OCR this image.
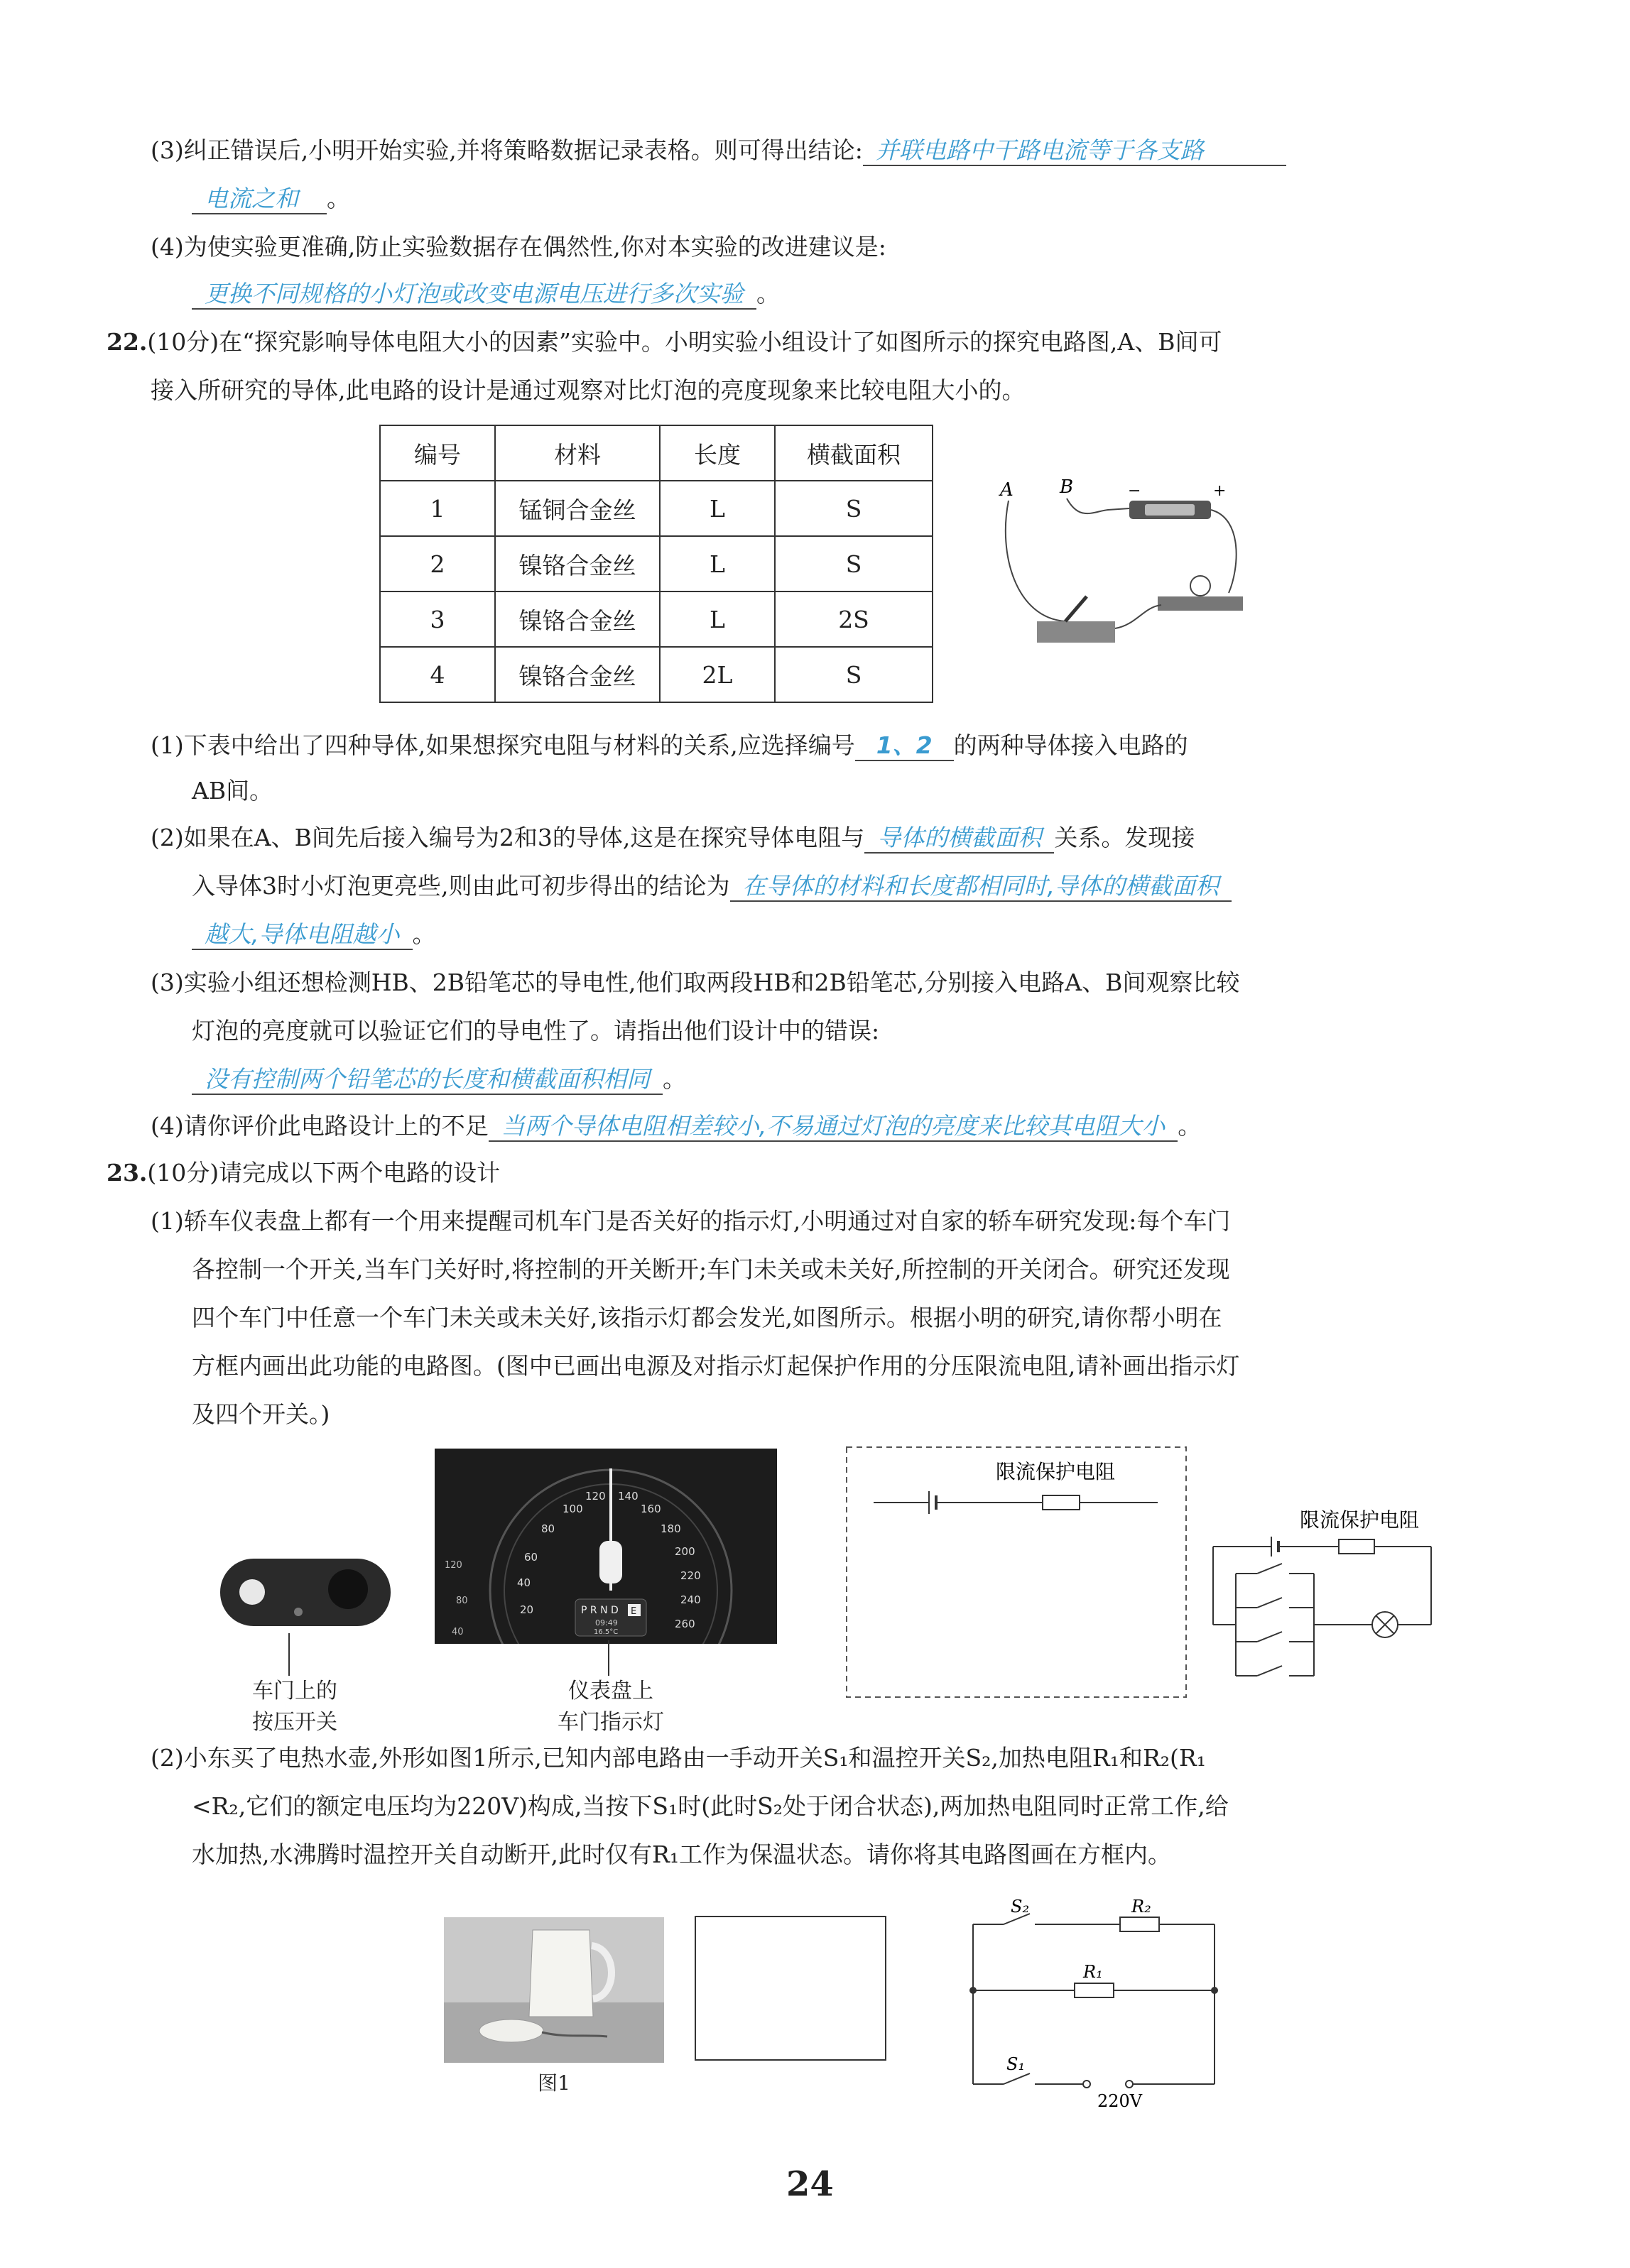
(3)纠正错误后,小明开始实验,并将策略数据记录表格。则可得出结论: 并联电路中干路电流等于各支路
电流之和 。
(4)为使实验更准确,防止实验数据存在偶然性,你对本实验的改进建议是:
更换不同规格的小灯泡或改变电源电压进行多次实验 。
22.(10分)在“探究影响导体电阻大小的因素”实验中。小明实验小组设计了如图所示的探究电路图,A、B间可
接入所研究的导体,此电路的设计是通过观察对比灯泡的亮度现象来比较电阻大小的。
编号	材料	长度	横截面积
1	锰铜合金丝	L	S
2	镍铬合金丝	L	S
3	镍铬合金丝	L	2S
4	镍铬合金丝	2L	S
A	B	−	+
(1)下表中给出了四种导体,如果想探究电阻与材料的关系,应选择编号 1、2 的两种导体接入电路的
AB间。
(2)如果在A、B间先后接入编号为2和3的导体,这是在探究导体电阻与 导体的横截面积 关系。发现接
入导体3时小灯泡更亮些,则由此可初步得出的结论为 在导体的材料和长度都相同时,导体的横截面积
越大,导体电阻越小 。
(3)实验小组还想检测HB、2B铅笔芯的导电性,他们取两段HB和2B铅笔芯,分别接入电路A、B间观察比较
灯泡的亮度就可以验证它们的导电性了。请指出他们设计中的错误:
没有控制两个铅笔芯的长度和横截面积相同 。
(4)请你评价此电路设计上的不足 当两个导体电阻相差较小,不易通过灯泡的亮度来比较其电阻大小 。
23.(10分)请完成以下两个电路的设计
(1)轿车仪表盘上都有一个用来提醒司机车门是否关好的指示灯,小明通过对自家的轿车研究发现:每个车门
各控制一个开关,当车门关好时,将控制的开关断开;车门未关或未关好,所控制的开关闭合。研究还发现
四个车门中任意一个车门未关或未关好,该指示灯都会发光,如图所示。根据小明的研究,请你帮小明在
方框内画出此功能的电路图。(图中已画出电源及对指示灯起保护作用的分压限流电阻,请补画出指示灯
及四个开关。)
车门上的
按压开关
20
40
60
80
100
120 140
160
180
200
220
240
260
120
80
40
P R N D E
09:49
16.5°C
仪表盘上
车门指示灯
限流保护电阻
限流保护电阻
(2)小东买了电热水壶,外形如图1所示,已知内部电路由一手动开关S₁和温控开关S₂,加热电阻R₁和R₂(R₁
<R₂,它们的额定电压均为220V)构成,当按下S₁时(此时S₂处于闭合状态),两加热电阻同时正常工作,给
水加热,水沸腾时温控开关自动断开,此时仅有R₁工作为保温状态。请你将其电路图画在方框内。
图1
S₂	R₂
R₁
S₁
220V
24
